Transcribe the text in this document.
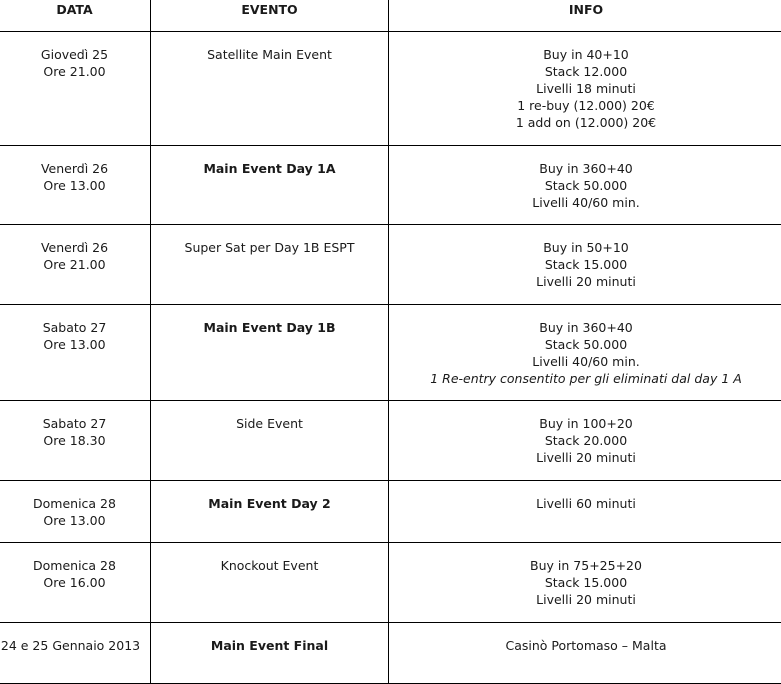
DATA	EVENTO	INFO

Giovedì 25
Ore 21.00	Satellite Main Event	Buy in 40+10
Stack 12.000
Livelli 18 minuti
1 re-buy (12.000) 20€
1 add on (12.000) 20€

Venerdì 26
Ore 13.00	Main Event Day 1A	Buy in 360+40
Stack 50.000
Livelli 40/60 min.

Venerdì 26
Ore 21.00	Super Sat per Day 1B ESPT	Buy in 50+10
Stack 15.000
Livelli 20 minuti

Sabato 27
Ore 13.00	Main Event Day 1B	Buy in 360+40
Stack 50.000
Livelli 40/60 min.
1 Re-entry consentito per gli eliminati dal day 1 A

Sabato 27
Ore 18.30	Side Event	Buy in 100+20
Stack 20.000
Livelli 20 minuti

Domenica 28
Ore 13.00	Main Event Day 2	Livelli 60 minuti

Domenica 28
Ore 16.00	Knockout Event	Buy in 75+25+20
Stack 15.000
Livelli 20 minuti

24 e 25 Gennaio 2013	Main Event Final	Casinò Portomaso – Malta
